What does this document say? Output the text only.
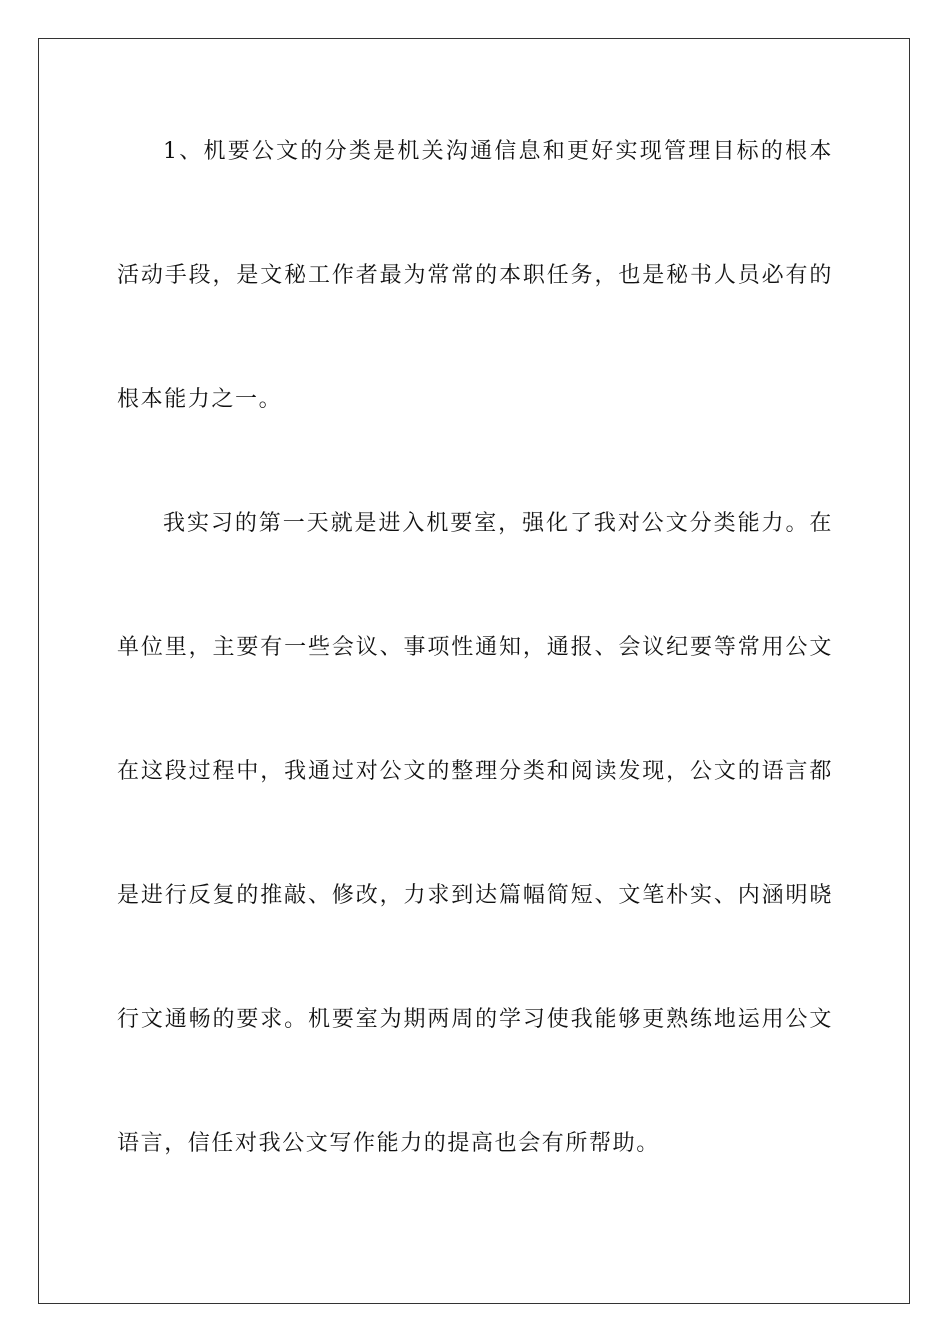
1、机要公文的分类是机关沟通信息和更好实现管理目标的根本
活动手段，是文秘工作者最为常常的本职任务，也是秘书人员必有的
根本能力之一。
我实习的第一天就是进入机要室，强化了我对公文分类能力。在
单位里，主要有一些会议、事项性通知，通报、会议纪要等常用公文
在这段过程中，我通过对公文的整理分类和阅读发现，公文的语言都
是进行反复的推敲、修改，力求到达篇幅简短、文笔朴实、内涵明晓
行文通畅的要求。机要室为期两周的学习使我能够更熟练地运用公文
语言，信任对我公文写作能力的提高也会有所帮助。
